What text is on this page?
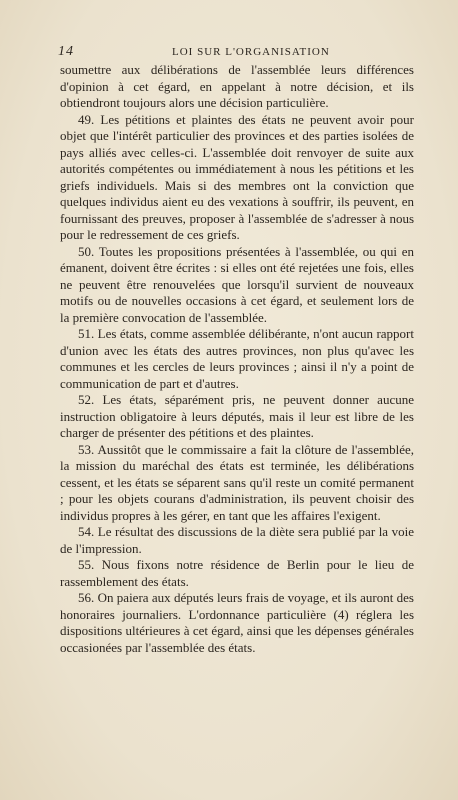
14	LOI SUR L'ORGANISATION

soumettre aux délibérations de l'assemblée leurs différences d'opinion à cet égard, en appelant à notre décision, et ils obtiendront toujours alors une décision particulière.

49. Les pétitions et plaintes des états ne peuvent avoir pour objet que l'intérêt particulier des provinces et des parties isolées de pays alliés avec celles-ci. L'assemblée doit renvoyer de suite aux autorités compétentes ou immédiatement à nous les pétitions et les griefs individuels. Mais si des membres ont la conviction que quelques individus aient eu des vexations à souffrir, ils peuvent, en fournissant des preuves, proposer à l'assemblée de s'adresser à nous pour le redressement de ces griefs.

50. Toutes les propositions présentées à l'assemblée, ou qui en émanent, doivent être écrites : si elles ont été rejetées une fois, elles ne peuvent être renouvelées que lorsqu'il survient de nouveaux motifs ou de nouvelles occasions à cet égard, et seulement lors de la première convocation de l'assemblée.

51. Les états, comme assemblée délibérante, n'ont aucun rapport d'union avec les états des autres provinces, non plus qu'avec les communes et les cercles de leurs provinces ; ainsi il n'y a point de communication de part et d'autres.

52. Les états, séparément pris, ne peuvent donner aucune instruction obligatoire à leurs députés, mais il leur est libre de les charger de présenter des pétitions et des plaintes.

53. Aussitôt que le commissaire a fait la clôture de l'assemblée, la mission du maréchal des états est terminée, les délibérations cessent, et les états se séparent sans qu'il reste un comité permanent ; pour les objets courans d'administration, ils peuvent choisir des individus propres à les gérer, en tant que les affaires l'exigent.

54. Le résultat des discussions de la diète sera publié par la voie de l'impression.

55. Nous fixons notre résidence de Berlin pour le lieu de rassemblement des états.

56. On paiera aux députés leurs frais de voyage, et ils auront des honoraires journaliers. L'ordonnance particulière (4) réglera les dispositions ultérieures à cet égard, ainsi que les dépenses générales occasionées par l'assemblée des états.
